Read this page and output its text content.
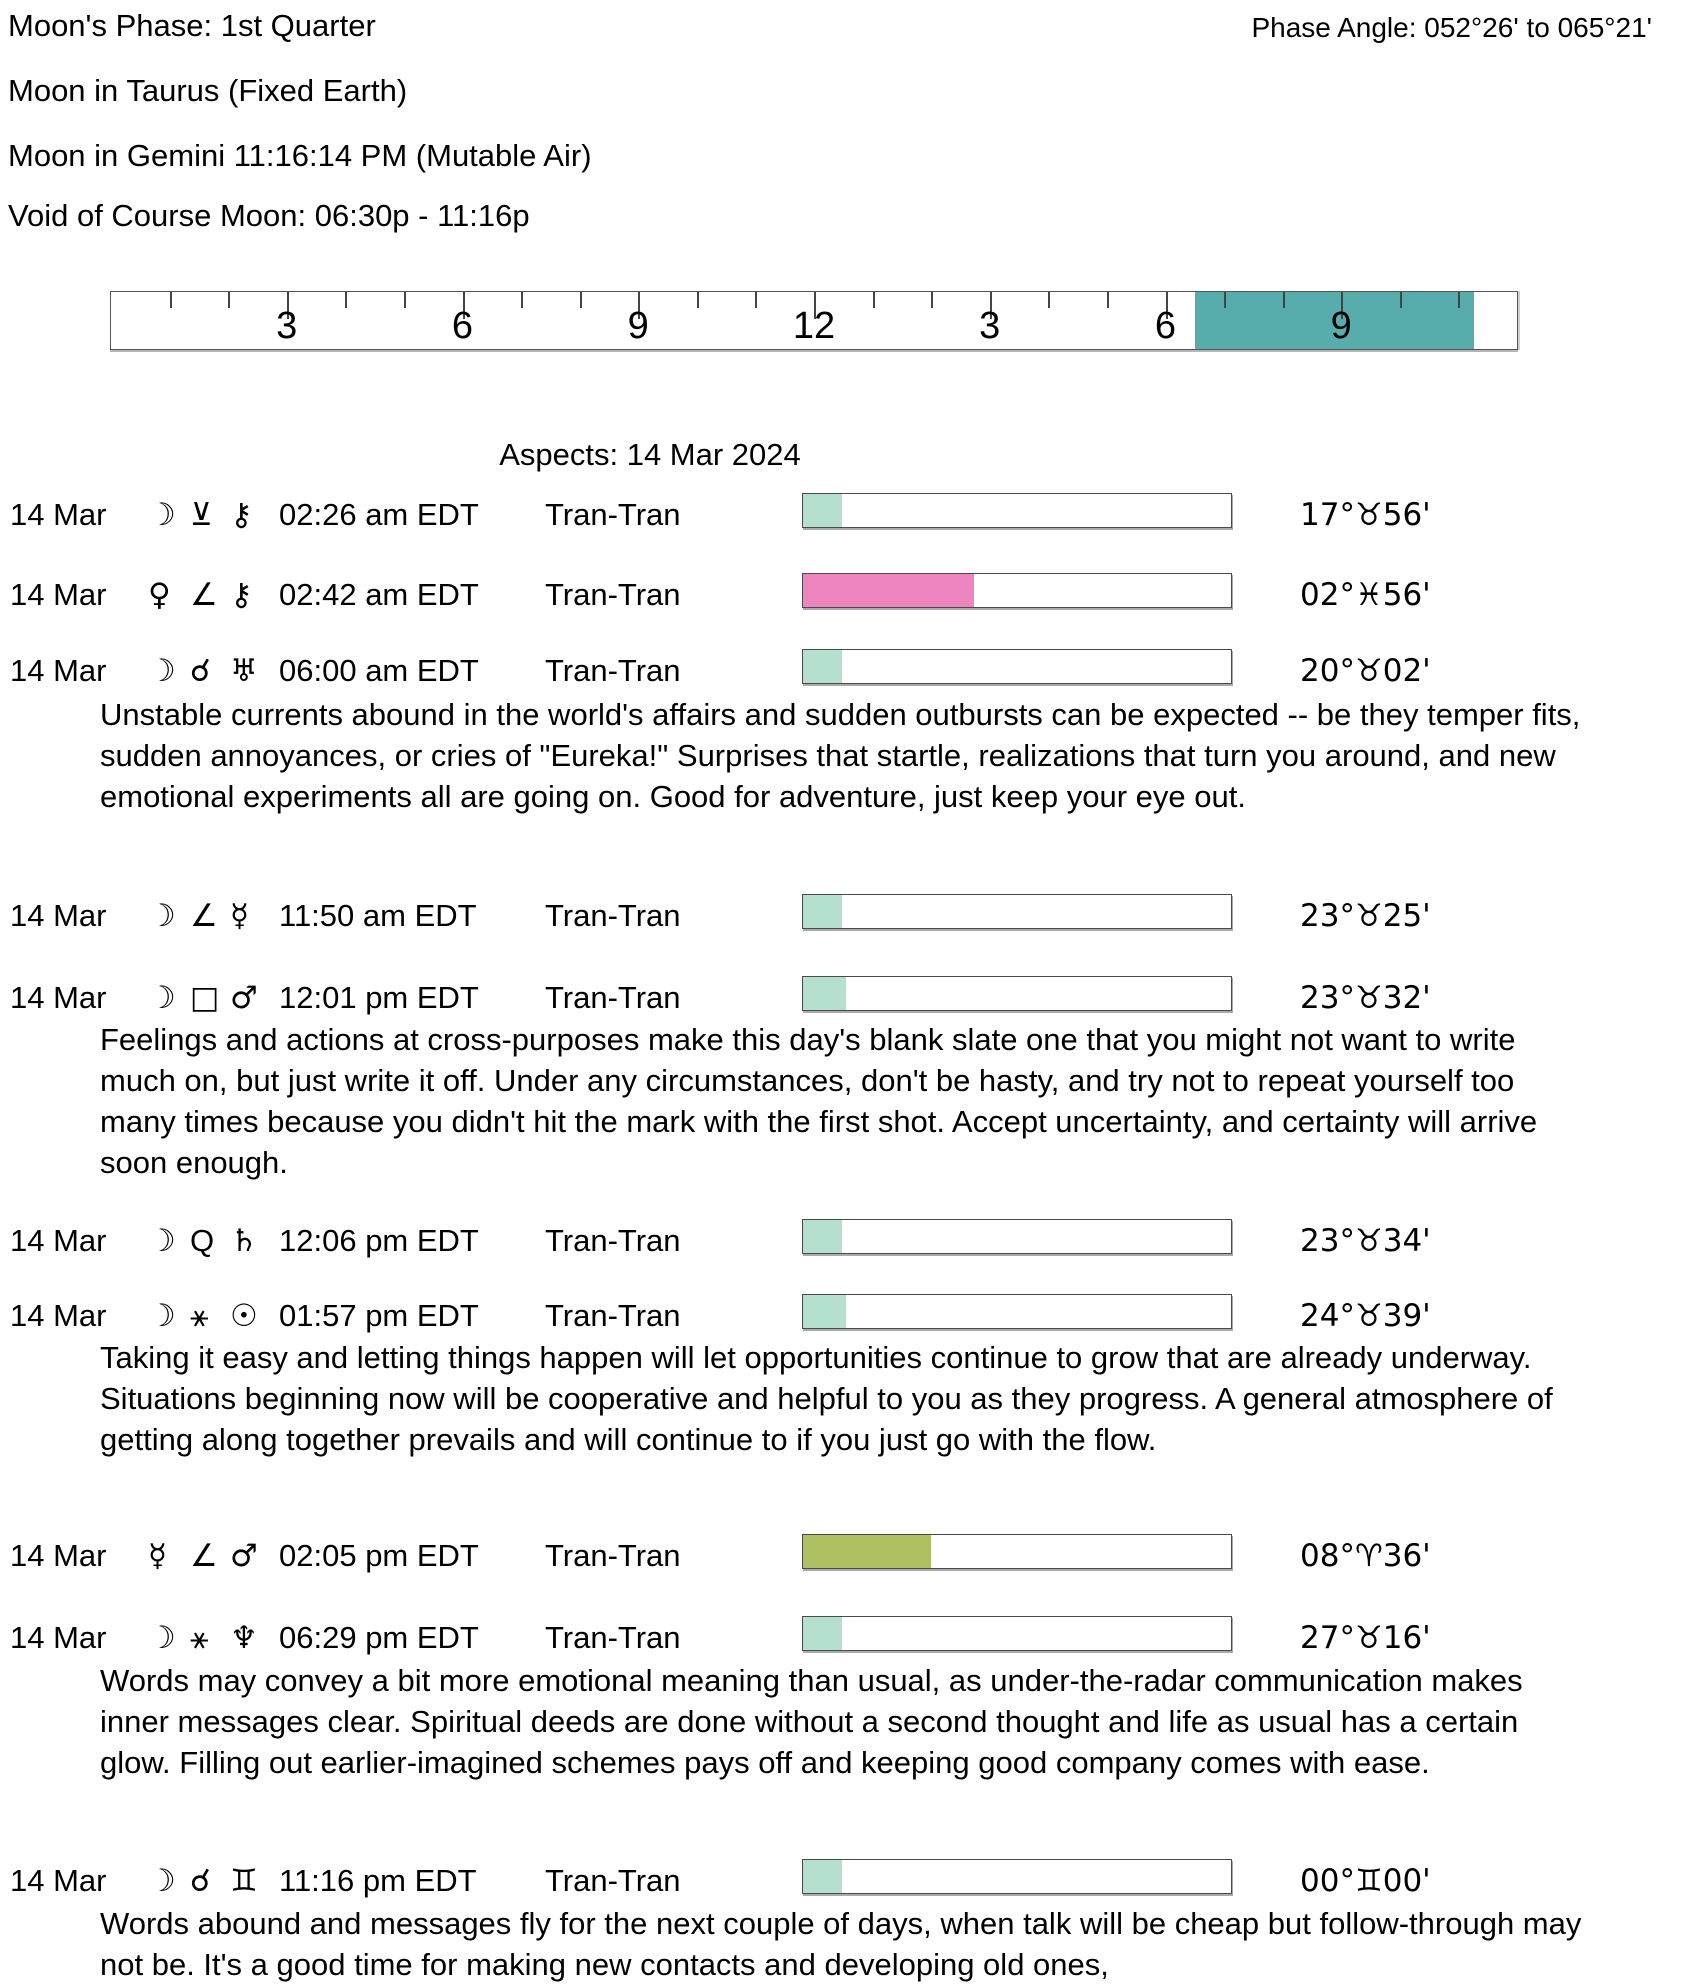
Moon's Phase: 1st Quarter	Phase Angle: 052°26' to 065°21'
Moon in Taurus (Fixed Earth)
Moon in Gemini 11:16:14 PM (Mutable Air)
Void of Course Moon: 06:30p - 11:16p
3	6	9	12	3	6	9
Aspects: 14 Mar 2024
14 Mar ☽ ⊻ ⚷ 02:26 am EDT Tran-Tran	17°♉56'
14 Mar ♀ ∠ ⚷ 02:42 am EDT Tran-Tran	02°♓56'
14 Mar ☽ ☌ ♅ 06:00 am EDT Tran-Tran	20°♉02'
Unstable currents abound in the world's affairs and sudden outbursts can be expected -- be they temper fits, sudden annoyances, or cries of "Eureka!" Surprises that startle, realizations that turn you around, and new emotional experiments all are going on. Good for adventure, just keep your eye out.
14 Mar ☽ ∠ ☿ 11:50 am EDT Tran-Tran	23°♉25'
14 Mar ☽ □ ♂ 12:01 pm EDT Tran-Tran	23°♉32'
Feelings and actions at cross-purposes make this day's blank slate one that you might not want to write much on, but just write it off. Under any circumstances, don't be hasty, and try not to repeat yourself too many times because you didn't hit the mark with the first shot. Accept uncertainty, and certainty will arrive soon enough.
14 Mar ☽ Q ♄ 12:06 pm EDT Tran-Tran	23°♉34'
14 Mar ☽ ⚹ ☉ 01:57 pm EDT Tran-Tran	24°♉39'
Taking it easy and letting things happen will let opportunities continue to grow that are already underway. Situations beginning now will be cooperative and helpful to you as they progress. A general atmosphere of getting along together prevails and will continue to if you just go with the flow.
14 Mar ☿ ∠ ♂ 02:05 pm EDT Tran-Tran	08°♈36'
14 Mar ☽ ⚹ ♆ 06:29 pm EDT Tran-Tran	27°♉16'
Words may convey a bit more emotional meaning than usual, as under-the-radar communication makes inner messages clear. Spiritual deeds are done without a second thought and life as usual has a certain glow. Filling out earlier-imagined schemes pays off and keeping good company comes with ease.
14 Mar ☽ ☌ ♊ 11:16 pm EDT Tran-Tran	00°♊00'
Words abound and messages fly for the next couple of days, when talk will be cheap but follow-through may not be. It's a good time for making new contacts and developing old ones,
